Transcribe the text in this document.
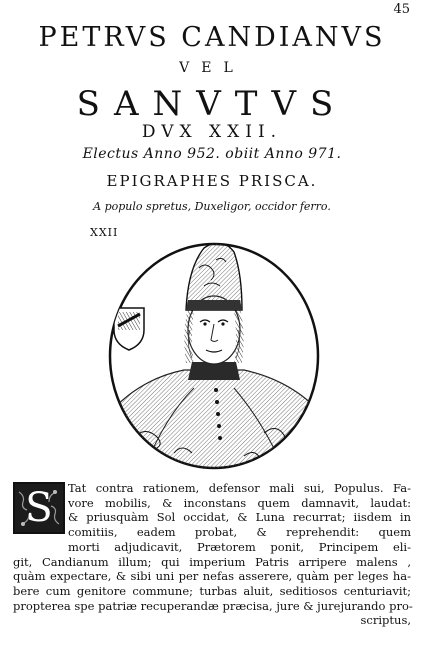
45
PETRVS CANDIANVS
VEL
SANVTVS
DVX XXII.
Electus Anno 952. obiit Anno 971.
EPIGRAPHES PRISCA.
A populo spretus, Duxeligor, occidor ferro.
XXII
S	Tat contra rationem, defensor mali sui, Populus. Fa-
vore mobilis, & inconstans quem damnavit, laudat:
& priusquàm Sol occidat, & Luna recurrat; iisdem in
comitiis, eadem probat, & reprehendit: quem
morti adjudicavit, Prætorem ponit, Principem eli-
git, Candianum illum; qui imperium Patris arripere malens ,
quàm expectare, & sibi uni per nefas asserere, quàm per leges ha-
bere cum genitore commune; turbas aluit, seditiosos centuriavit;
propterea spe patriæ recuperandæ præcisa, jure & jurejurando pro-
scriptus,
